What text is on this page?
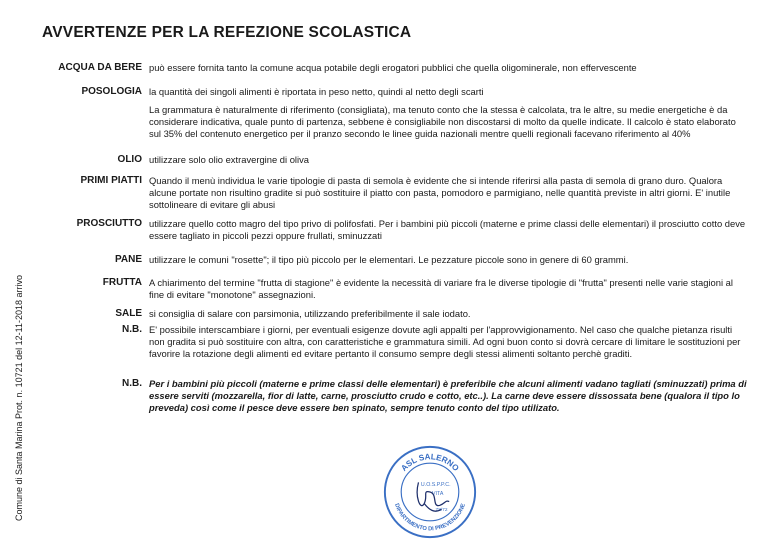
AVVERTENZE PER LA REFEZIONE SCOLASTICA
ACQUA DA BERE può essere fornita tanto la comune acqua potabile degli erogatori pubblici che quella oligominerale, non effervescente

POSOLOGIA la quantità dei singoli alimenti è riportata in peso netto, quindi al netto degli scarti

La grammatura è naturalmente di riferimento (consigliata), ma tenuto conto che la stessa è calcolata, tra le altre, su medie energetiche è da considerare indicativa, quale punto di partenza, sebbene è consigliabile non discostarsi di molto da quelle indicate. Il calcolo è stato elaborato sul 35% del contenuto energetico per il pranzo secondo le linee guida nazionali mentre quelli regionali facevano riferimento al 40%

OLIO utilizzare solo olio extravergine di oliva

PRIMI PIATTI Quando il menù individua le varie tipologie di pasta di semola è evidente che si intende riferirsi alla pasta di semola di grano duro. Qualora alcune portate non risultino gradite si può sostituire il piatto con pasta, pomodoro e parmigiano, nelle quantità previste in altri giorni. E' inutile sottolineare di evitare gli abusi

PROSCIUTTO utilizzare quello cotto magro del tipo privo di polifosfati. Per i bambini più piccoli (materne e prime classi delle elementari) il prosciutto cotto deve essere tagliato in piccoli pezzi oppure frullati, sminuzzati

PANE utilizzare le comuni "rosette"; il tipo più piccolo per le elementari. Le pezzature piccole sono in genere di 60 grammi.

FRUTTA A chiarimento del termine "frutta di stagione" è evidente la necessità di variare fra le diverse tipologie di "frutta" presenti nelle varie stagioni al fine di evitare "monotone" assegnazioni.

SALE si consiglia di salare con parsimonia, utilizzando preferibilmente il sale iodato.

N.B. E' possibile interscambiare i giorni, per eventuali esigenze dovute agli appalti per l'approvvigionamento. Nel caso che qualche pietanza risulti non gradita si può sostituire con altra, con caratteristiche e grammatura simili. Ad ogni buon conto si dovrà cercare di limitare le sostituzioni per favorire la rotazione degli alimenti ed evitare pertanto il consumo sempre degli stessi alimenti soltanto perchè graditi.

N.B. Per i bambini più piccoli (materne e prime classi delle elementari) è preferibile che alcuni alimenti vadano tagliati (sminuzzati) prima di essere serviti (mozzarella, fior di latte, carne, prosciutto crudo e cotto, etc..). La carne deve essere dissossata bene (qualora il tipo lo preveda) così come il pesce deve essere ben spinato, sempre tenuto conto del tipo utilizato.

Comune di Santa Marina Prot. n. 10721 del 12-11-2018 arrivo	ASL SALERNO
DIPARTIMENTO DI PREVENZIONE
U.O.S.P.P.C.
VITA
78/72
